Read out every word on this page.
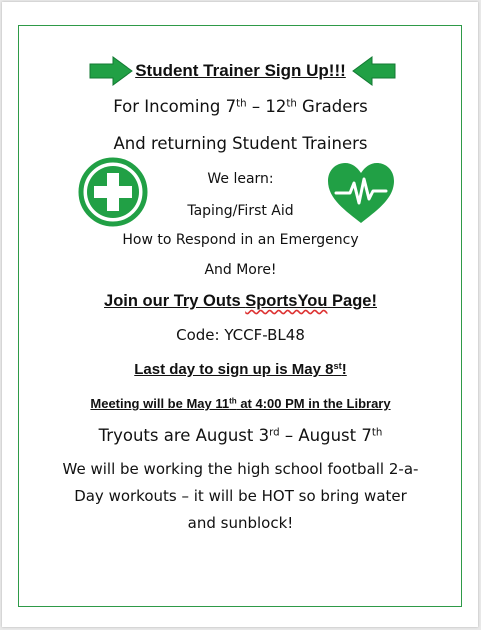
Student Trainer Sign Up!!!
For Incoming 7th – 12th Graders
And returning Student Trainers
We learn:
Taping/First Aid
How to Respond in an Emergency
And More!
Join our Try Outs SportsYou Page!
Code: YCCF-BL48
Last day to sign up is May 8st!
Meeting will be May 11th at 4:00 PM in the Library
Tryouts are August 3rd – August 7th
We will be working the high school football 2-a-
Day workouts – it will be HOT so bring water
and sunblock!
